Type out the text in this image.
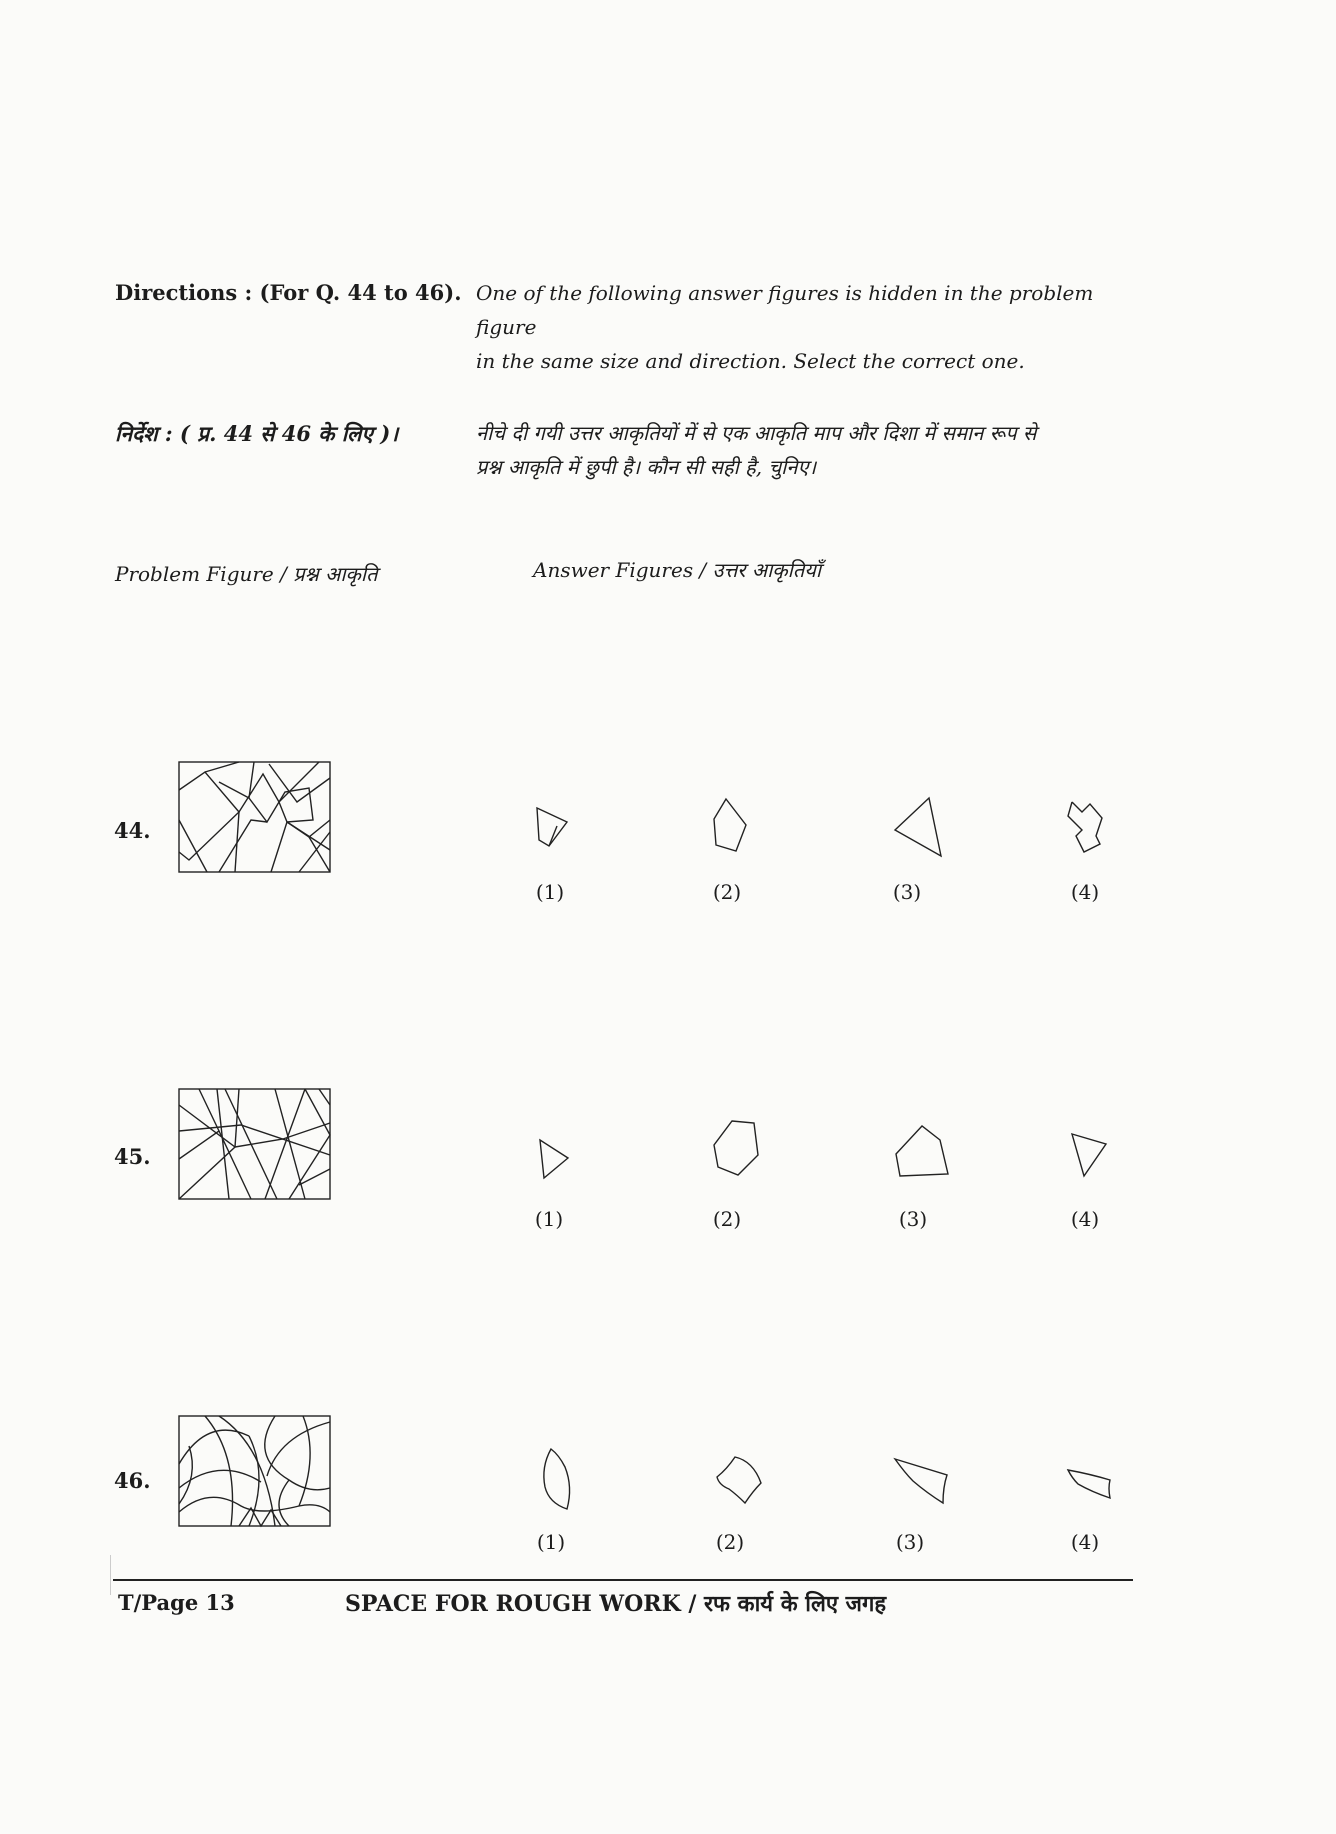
Directions : (For Q. 44 to 46). One of the following answer figures is hidden in the problem figure
in the same size and direction. Select the correct one.
निर्देश : ( प्र. 44 से 46 के लिए )।	नीचे दी गयी उत्तर आकृतियों में से एक आकृति माप और दिशा में समान रूप से
प्रश्न आकृति में छुपी है। कौन सी सही है, चुनिए।
Problem Figure / प्रश्न आकृति	Answer Figures / उत्तर आकृतियाँ
44.
(1)	(2)	(3)	(4)
45.
(1)	(2)	(3)	(4)
46.
(1)	(2)	(3)	(4)
T/Page 13	SPACE FOR ROUGH WORK / रफ कार्य के लिए जगह
